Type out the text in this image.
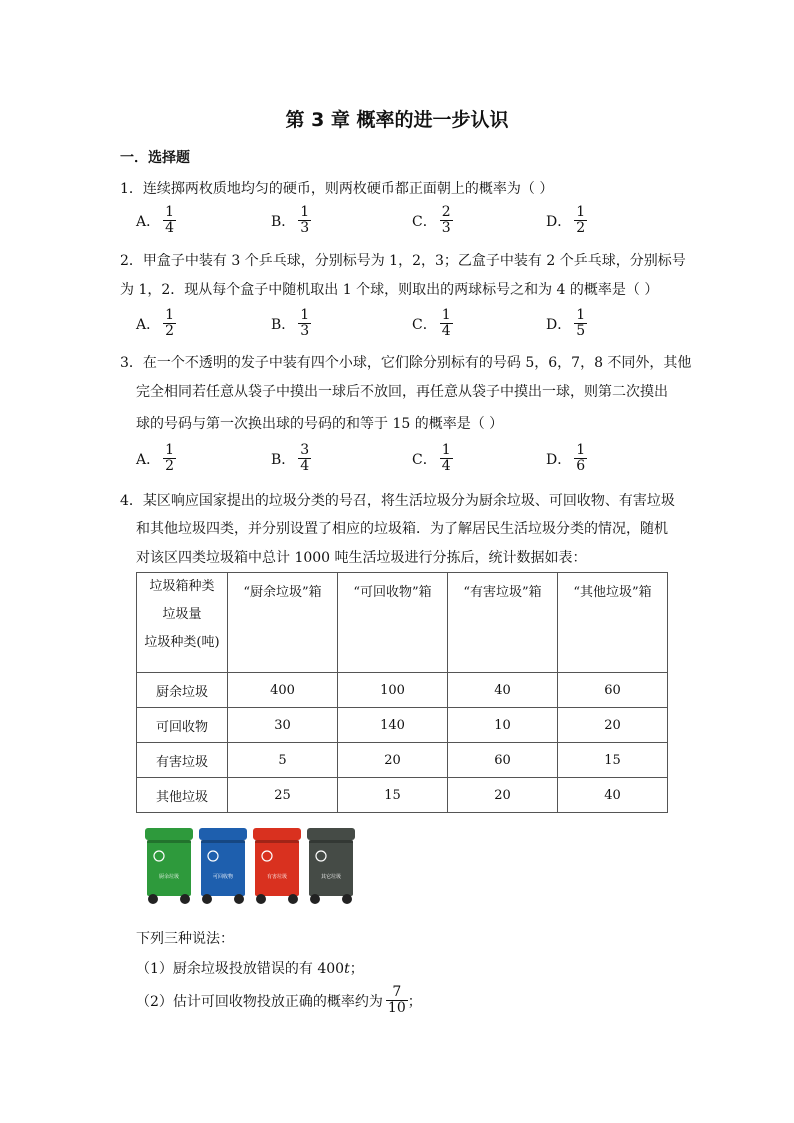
第 3 章 概率的进一步认识
一．选择题
1．连续掷两枚质地均匀的硬币，则两枚硬币都正面朝上的概率为（ ）
A． $\frac{1}{4}$	B． $\frac{1}{3}$	C． $\frac{2}{3}$	D． $\frac{1}{2}$
2．甲盒子中装有 3 个乒乓球，分别标号为 1，2，3；乙盒子中装有 2 个乒乓球，分别标号
为 1，2．现从每个盒子中随机取出 1 个球，则取出的两球标号之和为 4 的概率是（ ）
A． $\frac{1}{2}$	B． $\frac{1}{3}$	C． $\frac{1}{4}$	D． $\frac{1}{5}$
3．在一个不透明的发子中装有四个小球，它们除分别标有的号码 5，6，7，8 不同外，其他
完全相同若任意从袋子中摸出一球后不放回，再任意从袋子中摸出一球，则第二次摸出
球的号码与第一次换出球的号码的和等于 15 的概率是（ ）
A． $\frac{1}{2}$	B． $\frac{3}{4}$	C． $\frac{1}{4}$	D． $\frac{1}{6}$
4．某区响应国家提出的垃圾分类的号召，将生活垃圾分为厨余垃圾、可回收物、有害垃圾
和其他垃圾四类，并分别设置了相应的垃圾箱．为了解居民生活垃圾分类的情况，随机
对该区四类垃圾箱中总计 1000 吨生活垃圾进行分拣后，统计数据如表：
垃圾箱种类
垃圾量
垃圾种类(吨)	“厨余垃圾”箱	“可回收物”箱	“有害垃圾”箱	“其他垃圾”箱
厨余垃圾	400	100	40	60
可回收物	30	140	10	20
有害垃圾	5	20	60	15
其他垃圾	25	15	20	40
厨余垃圾	可回收物	有害垃圾	其它垃圾
下列三种说法：
（1）厨余垃圾投放错误的有 400t；
（2）估计可回收物投放正确的概率约为 $\frac{7}{10}$ ；
